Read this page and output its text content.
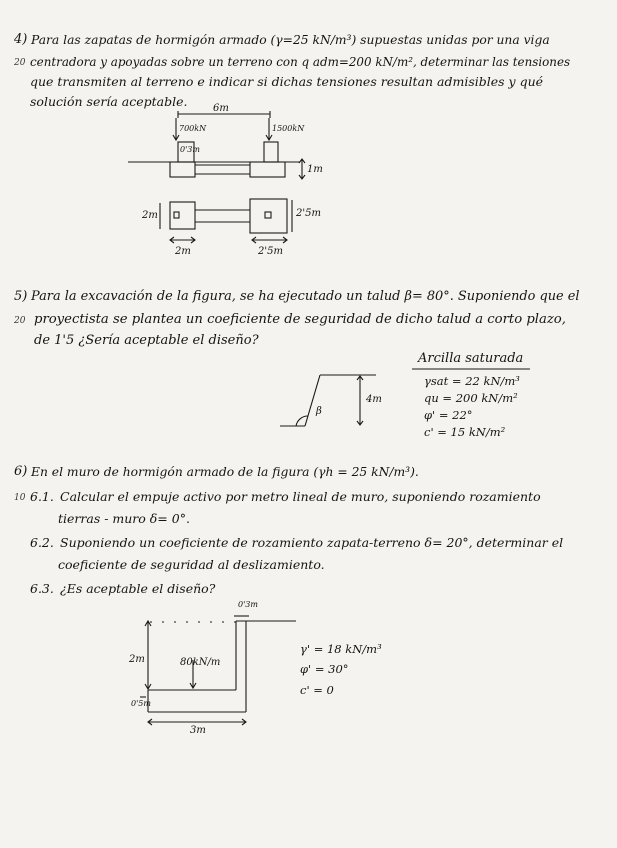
4)
20
Para las zapatas de hormigón armado (γ=25 kN/m³) supuestas unidas por una viga
centradora y apoyadas sobre un terreno con q adm=200 kN/m², determinar las tensiones
que transmiten al terreno e indicar si dichas tensiones resultan admisibles y qué
solución sería aceptable.	6m
700kN	1500kN
0'3m
1m
2m	2'5m
2m	2'5m
5)
20
Para la excavación de la figura, se ha ejecutado un talud β= 80°. Suponiendo que el
proyectista se plantea un coeficiente de seguridad de dicho talud a corto plazo,
de 1'5 ¿Sería aceptable el diseño?
4m
β
Arcilla saturada
γsat = 22 kN/m³
qu = 200 kN/m²
φ' = 22°
c' = 15 kN/m²
6) En el muro de hormigón armado de la figura (γh = 25 kN/m³).
10 6.1. Calcular el empuje activo por metro lineal de muro, suponiendo rozamiento
tierras - muro δ= 0°.
6.2. Suponiendo un coeficiente de rozamiento zapata-terreno δ= 20°, determinar el
coeficiente de seguridad al deslizamiento.
6.3. ¿Es aceptable el diseño?
0'3m
2m	80kN/m
0'5m
3m
γ' = 18 kN/m³
φ' = 30°
c' = 0
